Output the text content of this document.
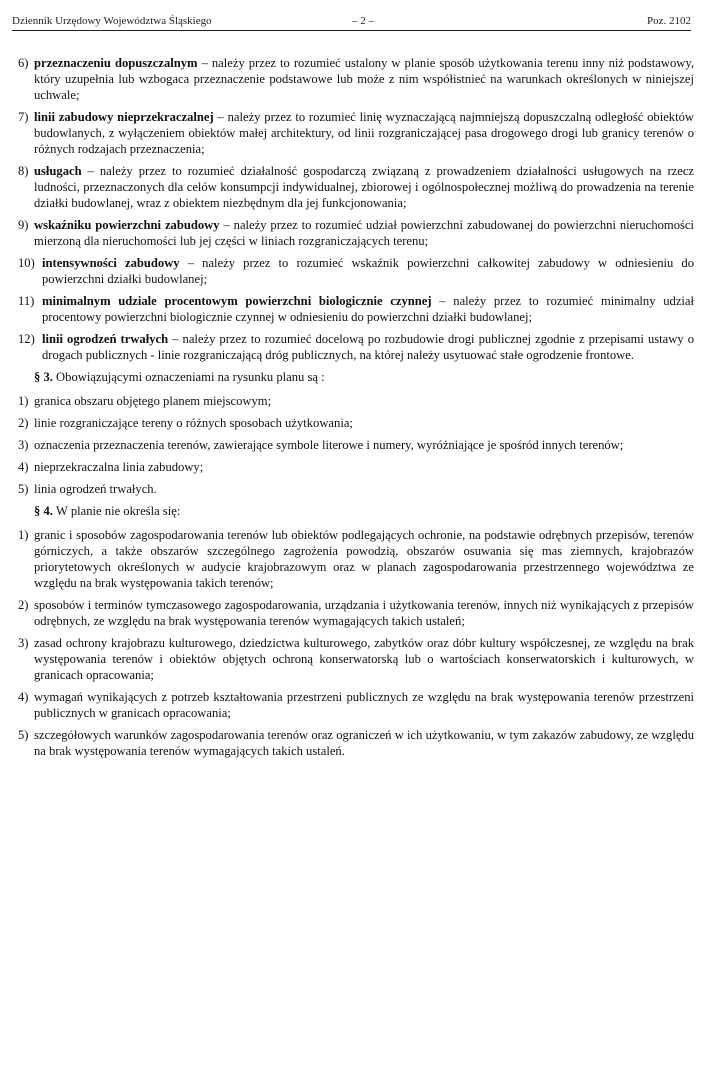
Dziennik Urzędowy Województwa Śląskiego	– 2 –	Poz. 2102
6) przeznaczeniu dopuszczalnym – należy przez to rozumieć ustalony w planie sposób użytkowania terenu inny niż podstawowy, który uzupełnia lub wzbogaca przeznaczenie podstawowe lub może z nim współistnieć na warunkach określonych w niniejszej uchwale;
7) linii zabudowy nieprzekraczalnej – należy przez to rozumieć linię wyznaczającą najmniejszą dopuszczalną odległość obiektów budowlanych, z wyłączeniem obiektów małej architektury, od linii rozgraniczającej pasa drogowego drogi lub granicy terenów o różnych rodzajach przeznaczenia;
8) usługach – należy przez to rozumieć działalność gospodarczą związaną z prowadzeniem działalności usługowych na rzecz ludności, przeznaczonych dla celów konsumpcji indywidualnej, zbiorowej i ogólnospołecznej możliwą do prowadzenia na terenie działki budowlanej, wraz z obiektem niezbędnym dla jej funkcjonowania;
9) wskaźniku powierzchni zabudowy – należy przez to rozumieć udział powierzchni zabudowanej do powierzchni nieruchomości mierzoną dla nieruchomości lub jej części w liniach rozgraniczających terenu;
10) intensywności zabudowy – należy przez to rozumieć wskaźnik powierzchni całkowitej zabudowy w odniesieniu do powierzchni działki budowlanej;
11) minimalnym udziale procentowym powierzchni biologicznie czynnej – należy przez to rozumieć minimalny udział procentowy powierzchni biologicznie czynnej w odniesieniu do powierzchni działki budowlanej;
12) linii ogrodzeń trwałych – należy przez to rozumieć docelową po rozbudowie drogi publicznej zgodnie z przepisami ustawy o drogach publicznych - linie rozgraniczającą dróg publicznych, na której należy usytuować stałe ogrodzenie frontowe.
§ 3. Obowiązującymi oznaczeniami na rysunku planu są :
1) granica obszaru objętego planem miejscowym;
2) linie rozgraniczające tereny o różnych sposobach użytkowania;
3) oznaczenia przeznaczenia terenów, zawierające symbole literowe i numery, wyróżniające je spośród innych terenów;
4) nieprzekraczalna linia zabudowy;
5) linia ogrodzeń trwałych.
§ 4. W planie nie określa się:
1) granic i sposobów zagospodarowania terenów lub obiektów podlegających ochronie, na podstawie odrębnych przepisów, terenów górniczych, a także obszarów szczególnego zagrożenia powodzią, obszarów osuwania się mas ziemnych, krajobrazów priorytetowych określonych w audycie krajobrazowym oraz w planach zagospodarowania przestrzennego województwa ze względu na brak występowania takich terenów;
2) sposobów i terminów tymczasowego zagospodarowania, urządzania i użytkowania terenów, innych niż wynikających z przepisów odrębnych, ze względu na brak występowania terenów wymagających takich ustaleń;
3) zasad ochrony krajobrazu kulturowego, dziedzictwa kulturowego, zabytków oraz dóbr kultury współczesnej, ze względu na brak występowania terenów i obiektów objętych ochroną konserwatorską lub o wartościach konserwatorskich i kulturowych, w granicach opracowania;
4) wymagań wynikających z potrzeb kształtowania przestrzeni publicznych ze względu na brak występowania terenów przestrzeni publicznych w granicach opracowania;
5) szczegółowych warunków zagospodarowania terenów oraz ograniczeń w ich użytkowaniu, w tym zakazów zabudowy, ze względu na brak występowania terenów wymagających takich ustaleń.
